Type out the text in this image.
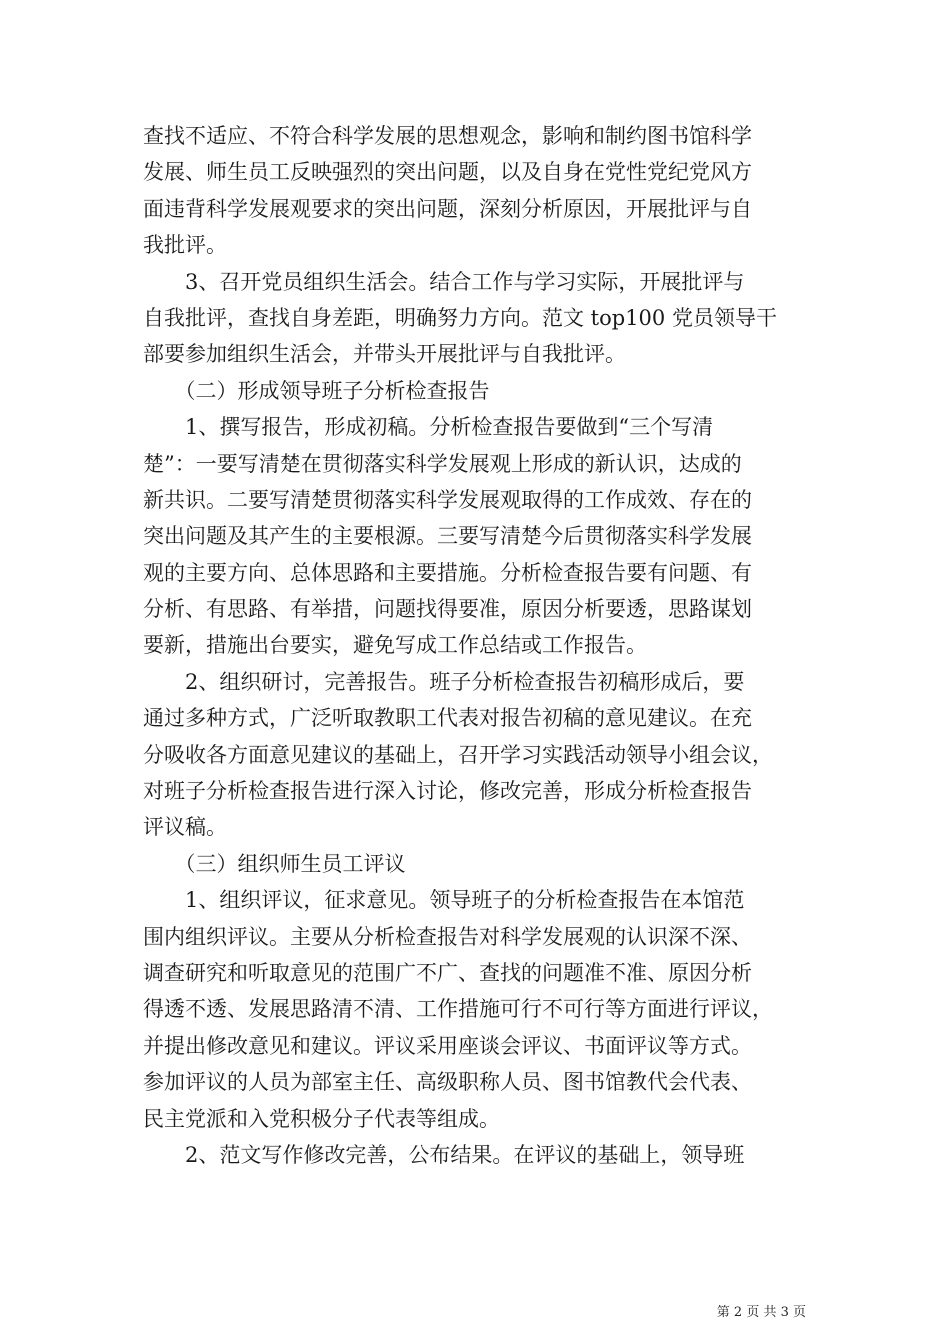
查找不适应、不符合科学发展的思想观念，影响和制约图书馆科学
发展、师生员工反映强烈的突出问题，以及自身在党性党纪党风方
面违背科学发展观要求的突出问题，深刻分析原因，开展批评与自
我批评。
　　3、召开党员组织生活会。结合工作与学习实际，开展批评与
自我批评，查找自身差距，明确努力方向。范文 top100 党员领导干
部要参加组织生活会，并带头开展批评与自我批评。
　　（二）形成领导班子分析检查报告
　　1、撰写报告，形成初稿。分析检查报告要做到“三个写清
楚”：一要写清楚在贯彻落实科学发展观上形成的新认识，达成的
新共识。二要写清楚贯彻落实科学发展观取得的工作成效、存在的
突出问题及其产生的主要根源。三要写清楚今后贯彻落实科学发展
观的主要方向、总体思路和主要措施。分析检查报告要有问题、有
分析、有思路、有举措，问题找得要准，原因分析要透，思路谋划
要新，措施出台要实，避免写成工作总结或工作报告。
　　2、组织研讨，完善报告。班子分析检查报告初稿形成后，要
通过多种方式，广泛听取教职工代表对报告初稿的意见建议。在充
分吸收各方面意见建议的基础上，召开学习实践活动领导小组会议，
对班子分析检查报告进行深入讨论，修改完善，形成分析检查报告
评议稿。
　　（三）组织师生员工评议
　　1、组织评议，征求意见。领导班子的分析检查报告在本馆范
围内组织评议。主要从分析检查报告对科学发展观的认识深不深、
调查研究和听取意见的范围广不广、查找的问题准不准、原因分析
得透不透、发展思路清不清、工作措施可行不可行等方面进行评议，
并提出修改意见和建议。评议采用座谈会评议、书面评议等方式。
参加评议的人员为部室主任、高级职称人员、图书馆教代会代表、
民主党派和入党积极分子代表等组成。
　　2、范文写作修改完善，公布结果。在评议的基础上，领导班
第 2 页 共 3 页
